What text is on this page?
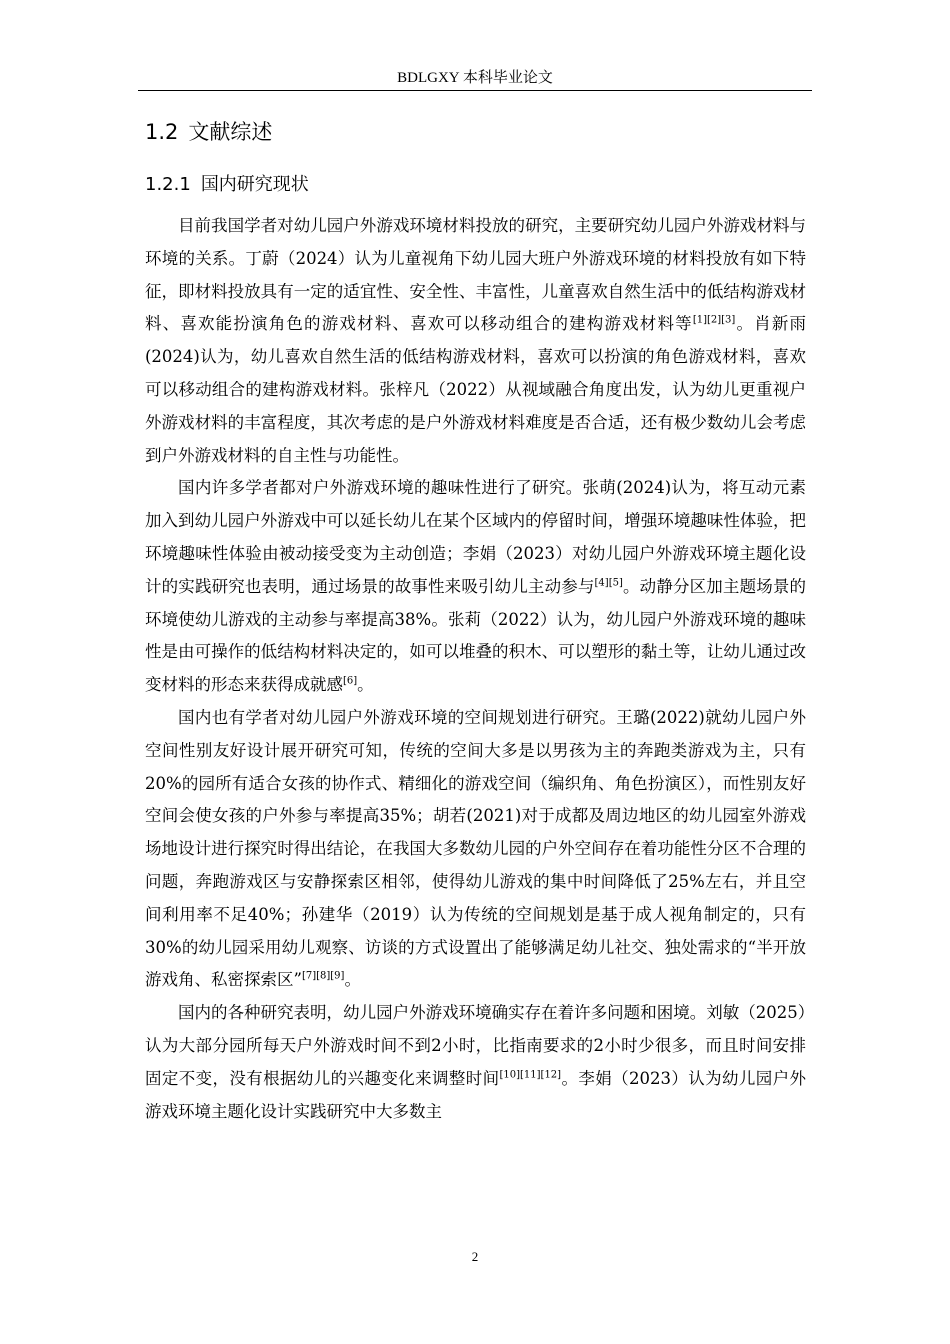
BDLGXY 本科毕业论文
1.2 文献综述
1.2.1 国内研究现状

目前我国学者对幼儿园户外游戏环境材料投放的研究，主要研究幼儿园户外游戏材料与环境的关系。丁蔚（2024）认为儿童视角下幼儿园大班户外游戏环境的材料投放有如下特征，即材料投放具有一定的适宜性、安全性、丰富性，儿童喜欢自然生活中的低结构游戏材料、喜欢能扮演角色的游戏材料、喜欢可以移动组合的建构游戏材料等[1][2][3]。肖新雨(2024)认为，幼儿喜欢自然生活的低结构游戏材料，喜欢可以扮演的角色游戏材料，喜欢可以移动组合的建构游戏材料。张梓凡（2022）从视域融合角度出发，认为幼儿更重视户外游戏材料的丰富程度，其次考虑的是户外游戏材料难度是否合适，还有极少数幼儿会考虑到户外游戏材料的自主性与功能性。

国内许多学者都对户外游戏环境的趣味性进行了研究。张萌(2024)认为，将互动元素加入到幼儿园户外游戏中可以延长幼儿在某个区域内的停留时间，增强环境趣味性体验，把环境趣味性体验由被动接受变为主动创造；李娟（2023）对幼儿园户外游戏环境主题化设计的实践研究也表明，通过场景的故事性来吸引幼儿主动参与[4][5]。动静分区加主题场景的环境使幼儿游戏的主动参与率提高38%。张莉（2022）认为，幼儿园户外游戏环境的趣味性是由可操作的低结构材料决定的，如可以堆叠的积木、可以塑形的黏土等，让幼儿通过改变材料的形态来获得成就感[6]。

国内也有学者对幼儿园户外游戏环境的空间规划进行研究。王璐(2022)就幼儿园户外空间性别友好设计展开研究可知，传统的空间大多是以男孩为主的奔跑类游戏为主，只有20%的园所有适合女孩的协作式、精细化的游戏空间（编织角、角色扮演区），而性别友好空间会使女孩的户外参与率提高35%；胡若(2021)对于成都及周边地区的幼儿园室外游戏场地设计进行探究时得出结论，在我国大多数幼儿园的户外空间存在着功能性分区不合理的问题，奔跑游戏区与安静探索区相邻，使得幼儿游戏的集中时间降低了25%左右，并且空间利用率不足40%；孙建华（2019）认为传统的空间规划是基于成人视角制定的，只有30%的幼儿园采用幼儿观察、访谈的方式设置出了能够满足幼儿社交、独处需求的“半开放游戏角、私密探索区”[7][8][9]。

国内的各种研究表明，幼儿园户外游戏环境确实存在着许多问题和困境。刘敏（2025）认为大部分园所每天户外游戏时间不到2小时，比指南要求的2小时少很多，而且时间安排固定不变，没有根据幼儿的兴趣变化来调整时间[10][11][12]。李娟（2023）认为幼儿园户外游戏环境主题化设计实践研究中大多数主

2
